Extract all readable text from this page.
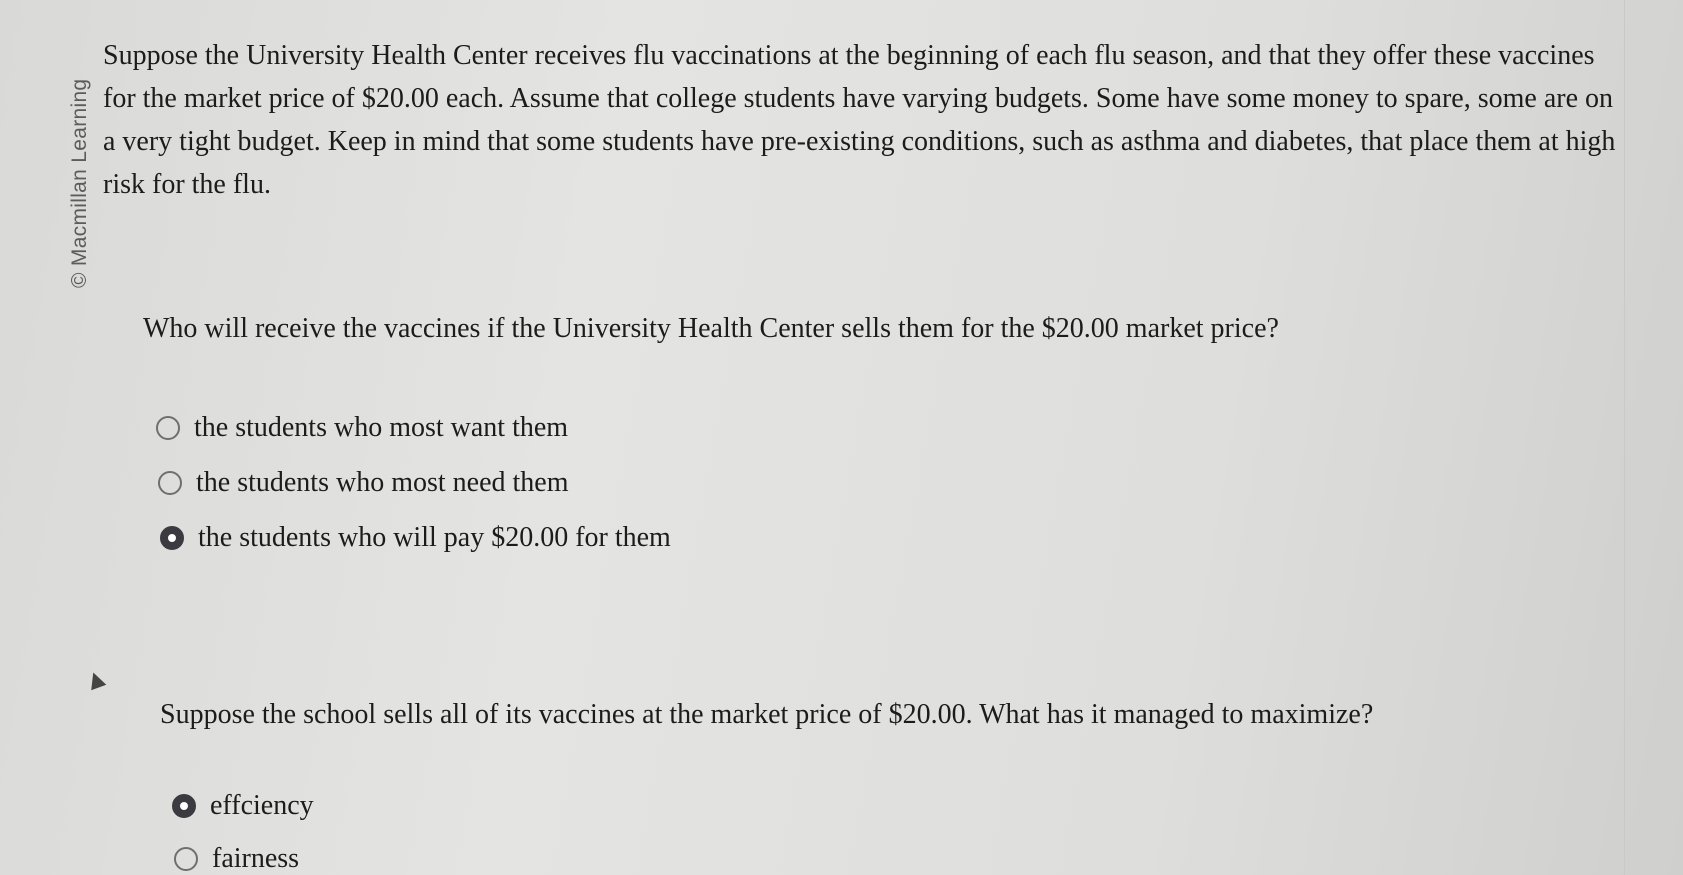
© Macmillan Learning

Suppose the University Health Center receives flu vaccinations at the beginning of each flu season, and that they offer these vaccines for the market price of $20.00 each. Assume that college students have varying budgets. Some have some money to spare, some are on a very tight budget. Keep in mind that some students have pre-existing conditions, such as asthma and diabetes, that place them at high risk for the flu.

Who will receive the vaccines if the University Health Center sells them for the $20.00 market price?

the students who most want them
the students who most need them
the students who will pay $20.00 for them

Suppose the school sells all of its vaccines at the market price of $20.00. What has it managed to maximize?

effciency
fairness
